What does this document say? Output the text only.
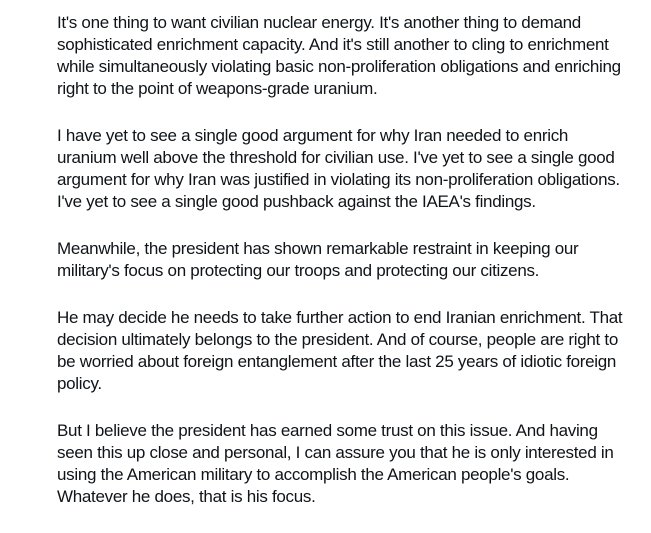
It's one thing to want civilian nuclear energy. It's another thing to demand sophisticated enrichment capacity. And it's still another to cling to enrichment while simultaneously violating basic non-proliferation obligations and enriching right to the point of weapons-grade uranium.

I have yet to see a single good argument for why Iran needed to enrich uranium well above the threshold for civilian use. I've yet to see a single good argument for why Iran was justified in violating its non-proliferation obligations. I've yet to see a single good pushback against the IAEA's findings.

Meanwhile, the president has shown remarkable restraint in keeping our military's focus on protecting our troops and protecting our citizens.

He may decide he needs to take further action to end Iranian enrichment. That decision ultimately belongs to the president. And of course, people are right to be worried about foreign entanglement after the last 25 years of idiotic foreign policy.

But I believe the president has earned some trust on this issue. And having seen this up close and personal, I can assure you that he is only interested in using the American military to accomplish the American people's goals. Whatever he does, that is his focus.
